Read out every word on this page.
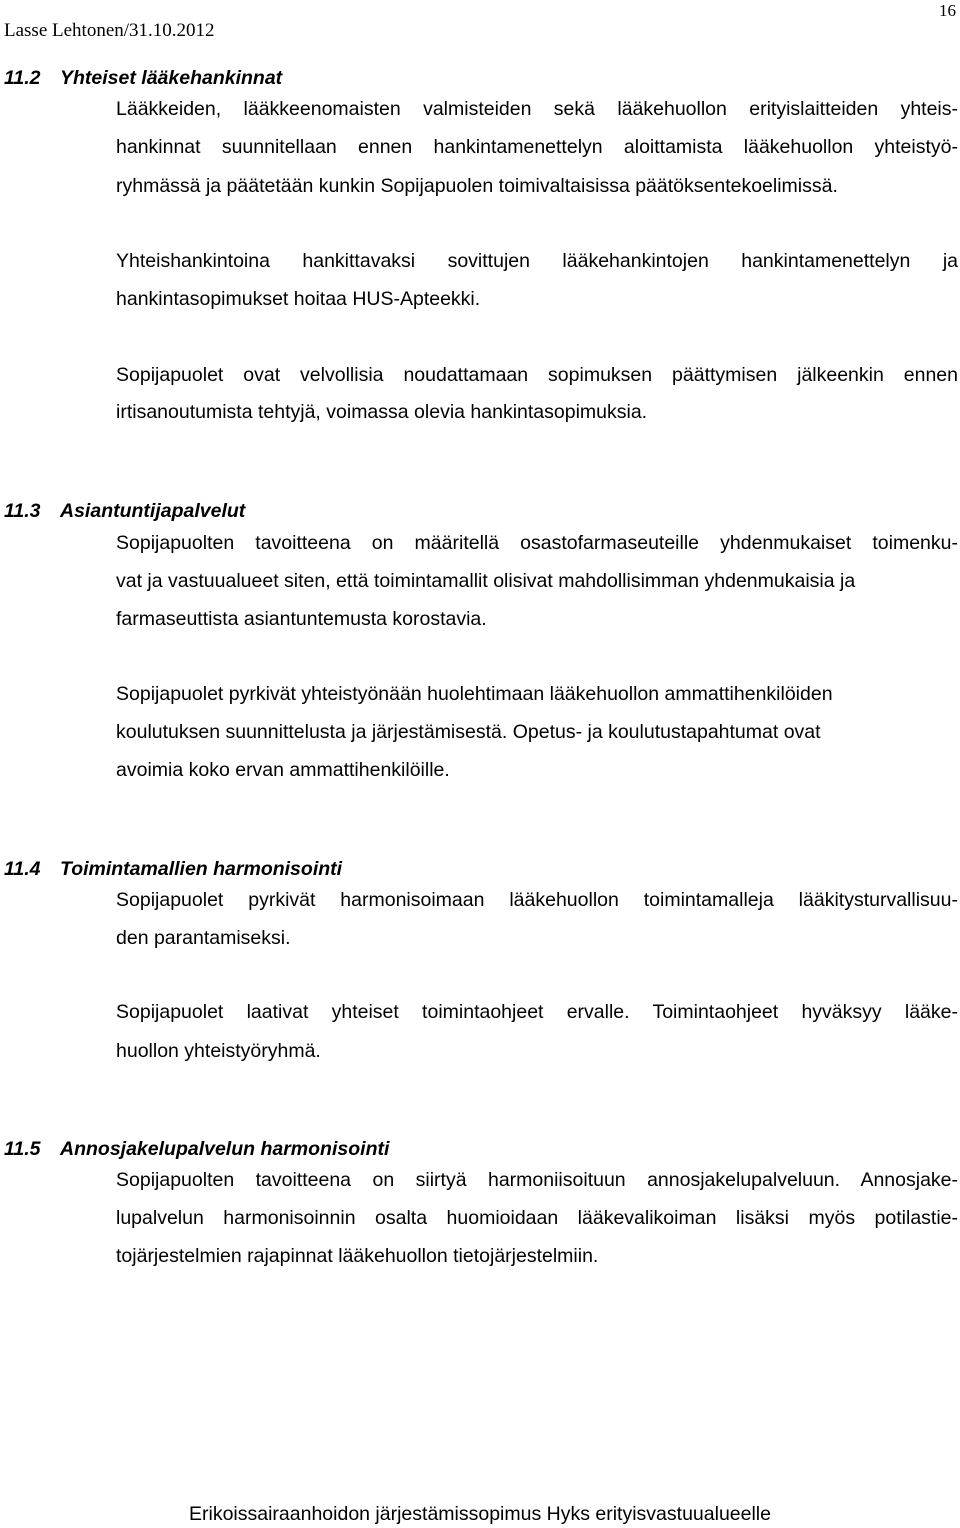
Lasse Lehtonen/31.10.2012
16
11.2 Yhteiset lääkehankinnat
Lääkkeiden, lääkkeenomaisten valmisteiden sekä lääkehuollon erityislaitteiden yhteis-
hankinnat suunnitellaan ennen hankintamenettelyn aloittamista lääkehuollon yhteistyö-
ryhmässä ja päätetään kunkin Sopijapuolen toimivaltaisissa päätöksentekoelimissä.
Yhteishankintoina hankittavaksi sovittujen lääkehankintojen hankintamenettelyn ja
hankintasopimukset hoitaa HUS-Apteekki.
Sopijapuolet ovat velvollisia noudattamaan sopimuksen päättymisen jälkeenkin ennen
irtisanoutumista tehtyjä, voimassa olevia hankintasopimuksia.
11.3 Asiantuntijapalvelut
Sopijapuolten tavoitteena on määritellä osastofarmaseuteille yhdenmukaiset toimenku-
vat ja vastuualueet siten, että toimintamallit olisivat mahdollisimman yhdenmukaisia ja
farmaseuttista asiantuntemusta korostavia.
Sopijapuolet pyrkivät yhteistyönään huolehtimaan lääkehuollon ammattihenkilöiden
koulutuksen suunnittelusta ja järjestämisestä. Opetus- ja koulutustapahtumat ovat
avoimia koko ervan ammattihenkilöille.
11.4 Toimintamallien harmonisointi
Sopijapuolet pyrkivät harmonisoimaan lääkehuollon toimintamalleja lääkitysturvallisuu-
den parantamiseksi.
Sopijapuolet laativat yhteiset toimintaohjeet ervalle. Toimintaohjeet hyväksyy lääke-
huollon yhteistyöryhmä.
11.5 Annosjakelupalvelun harmonisointi
Sopijapuolten tavoitteena on siirtyä harmoniisoituun annosjakelupalveluun. Annosjake-
lupalvelun harmonisoinnin osalta huomioidaan lääkevalikoiman lisäksi myös potilastie-
tojärjestelmien rajapinnat lääkehuollon tietojärjestelmiin.
Erikoissairaanhoidon järjestämissopimus Hyks erityisvastuualueelle
